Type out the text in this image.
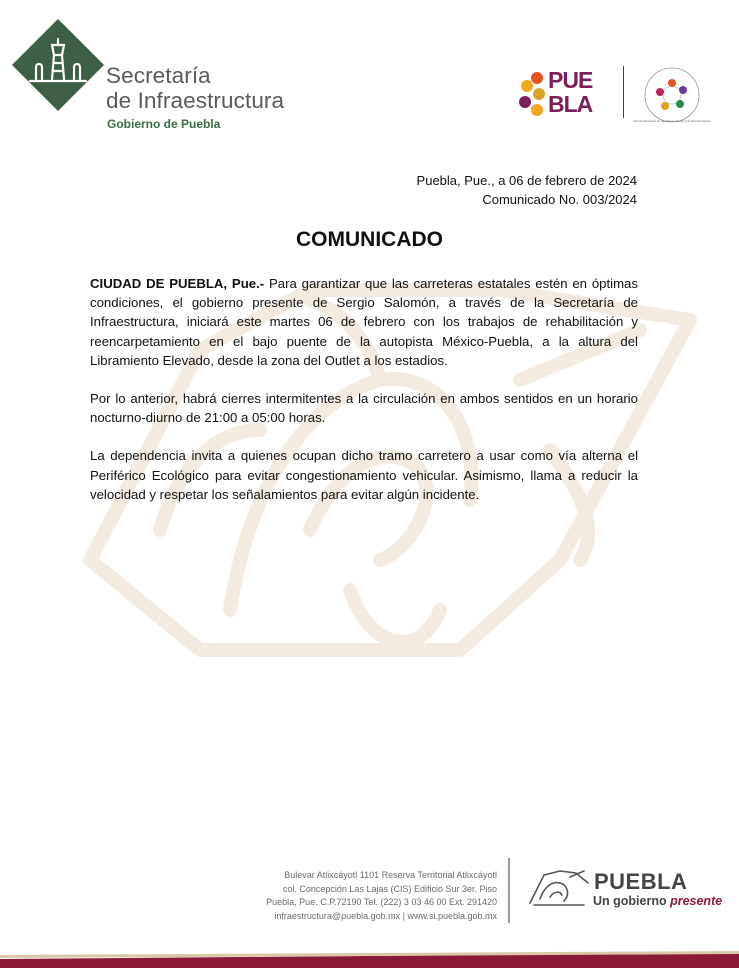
Secretaría
de Infraestructura
Gobierno de Puebla
PUE
BLA
Norma Mexicana en Igualdad Laboral y No Discriminación
Puebla, Pue., a 06 de febrero de 2024
Comunicado No. 003/2024
COMUNICADO

CIUDAD DE PUEBLA, Pue.- Para garantizar que las carreteras estatales estén en óptimas condiciones, el gobierno presente de Sergio Salomón, a través de la Secretaría de Infraestructura, iniciará este martes 06 de febrero con los trabajos de rehabilitación y reencarpetamiento en el bajo puente de la autopista México-Puebla, a la altura del Libramiento Elevado, desde la zona del Outlet a los estadios.

Por lo anterior, habrá cierres intermitentes a la circulación en ambos sentidos en un horario nocturno-diurno de 21:00 a 05:00 horas.

La dependencia invita a quienes ocupan dicho tramo carretero a usar como vía alterna el Periférico Ecológico para evitar congestionamiento vehicular. Asimismo, llama a reducir la velocidad y respetar los señalamientos para evitar algún incidente.

Bulevar Atlixcáyotl 1101 Reserva Territorial Atlixcáyotl
col. Concepción Las Lajas (CIS) Edificio Sur 3er. Piso
Puebla, Pue. C.P.72190 Tel. (222) 3 03 46 00 Ext. 291420
infraestructura@puebla.gob.mx | www.si.puebla.gob.mx
PUEBLA
Un gobierno presente
